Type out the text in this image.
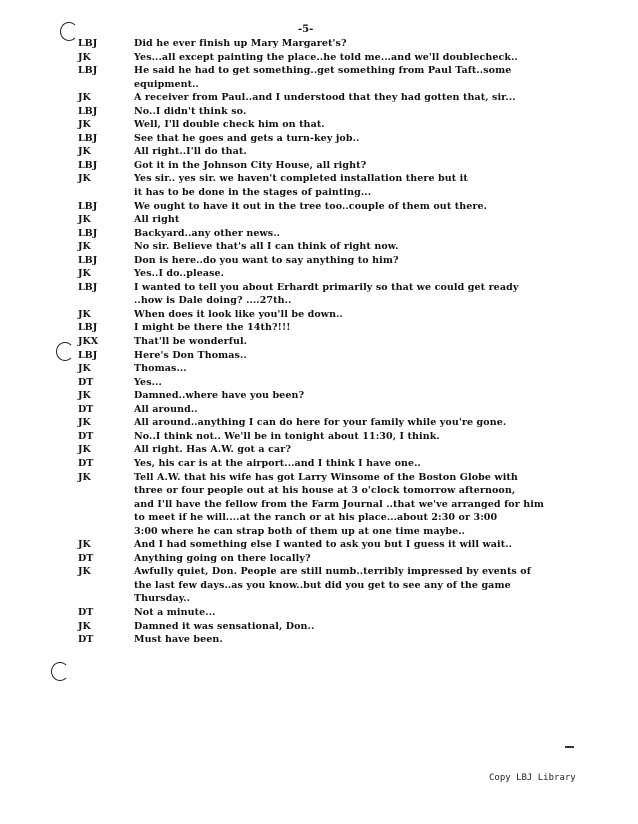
-5-
LBJ	Did he ever finish up Mary Margaret's?
JK	Yes...all except painting the place..he told me...and we'll doublecheck..
LBJ	He said he had to get something..get something from Paul Taft..some
equipment..
JK	A receiver from Paul..and I understood that they had gotten that, sir...
LBJ	No..I didn't think so.
JK	Well, I'll double check him on that.
LBJ	See that he goes and gets a turn-key job..
JK	All right..I'll do that.
LBJ	Got it in the Johnson City House, all right?
JK	Yes sir.. yes sir. we haven't completed installation there but it
it has to be done in the stages of painting...
LBJ	We ought to have it out in the tree too..couple of them out there.
JK	All right
LBJ	Backyard..any other news..
JK	No sir. Believe that's all I can think of right now.
LBJ	Don is here..do you want to say anything to him?
JK	Yes..I do..please.
LBJ	I wanted to tell you about Erhardt primarily so that we could get ready
..how is Dale doing? ....27th..
JK	When does it look like you'll be down..
LBJ	I might be there the 14th?!!!
JKX	That'll be wonderful.
LBJ	Here's Don Thomas..
JK	Thomas...
DT	Yes...
JK	Damned..where have you been?
DT	All around..
JK	All around..anything I can do here for your family while you're gone.
DT	No..I think not.. We'll be in tonight about 11:30, I think.
JK	All right. Has A.W. got a car?
DT	Yes, his car is at the airport...and I think I have one..
JK	Tell A.W. that his wife has got Larry Winsome of the Boston Globe with
three or four people out at his house at 3 o'clock tomorrow afternoon,
and I'll have the fellow from the Farm Journal ..that we've arranged for him
to meet if he will....at the ranch or at his place...about 2:30 or 3:00
3:00 where he can strap both of them up at one time maybe..
JK	And I had something else I wanted to ask you but I guess it will wait..
DT	Anything going on there locally?
JK	Awfully quiet, Don. People are still numb..terribly impressed by events of
the last few days..as you know..but did you get to see any of the game
Thursday..
DT	Not a minute...
JK	Damned it was sensational, Don..
DT	Must have been.
Copy LBJ Library
